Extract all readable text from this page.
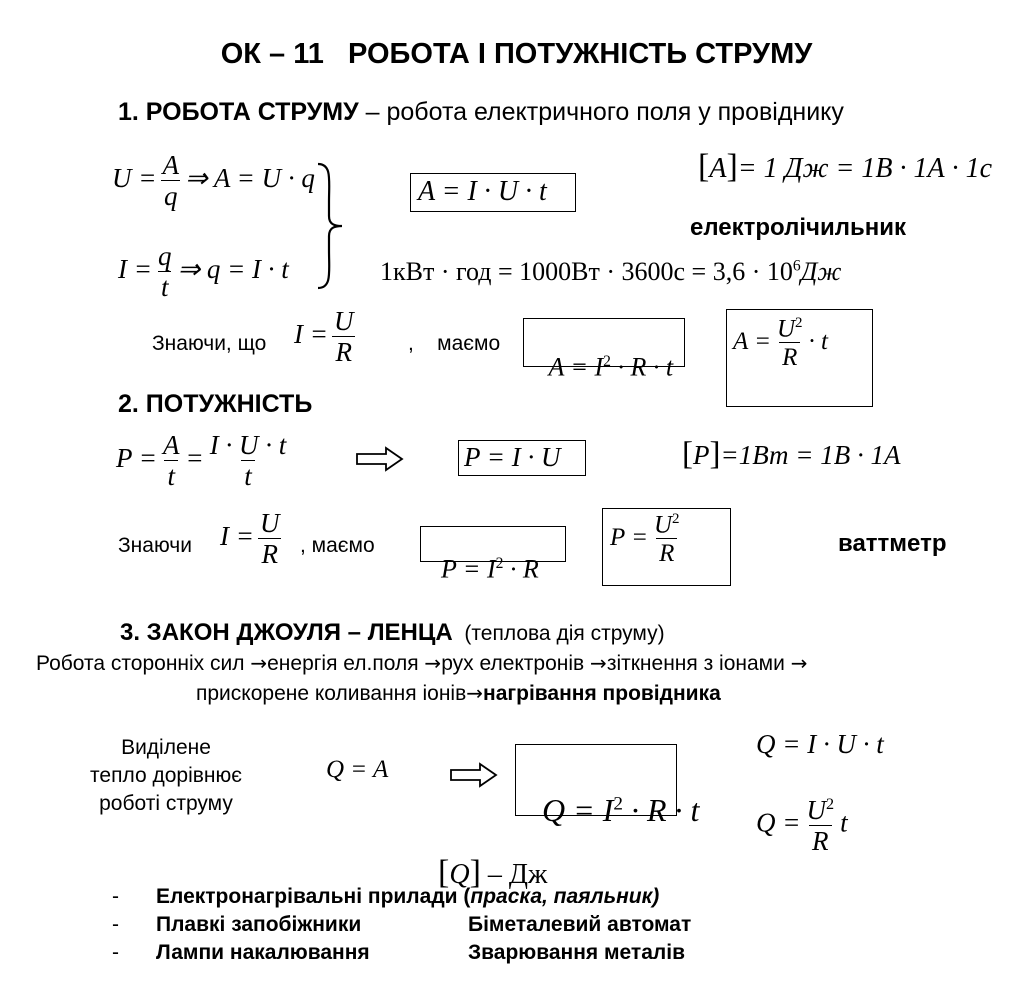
ОК – 11   РОБОТА І ПОТУЖНІСТЬ СТРУМУ
1. РОБОТА СТРУМУ – робота електричного поля у провіднику
$U = \frac{A}{q}$ ⇒ A = U · q
$I = \frac{q}{t}$ ⇒ q = I · t
A = I · U · t
[A]= 1 Дж = 1В · 1А · 1с
електролічильник
1кВт · год = $1000Вт \cdot 3600с = 3,6 \cdot 10^6Дж$
Знаючи, що $I = \frac{U}{R}$ ,    маємо

$A = I^2 \cdot R \cdot t$

$A = \frac{U^2}{R} \cdot t$
2. ПОТУЖНІСТЬ
$P = \frac{A}{t} = \frac{I \cdot U \cdot t}{t}$	P = I · U	[P]=1Вт = 1В · 1А
Знаючи $I = \frac{U}{R}$ , маємо

$P = I^2 \cdot R$

$P = \frac{U^2}{R}$	ваттметр
3. ЗАКОН ДЖОУЛЯ – ЛЕНЦА  (теплова дія струму)
Робота сторонніх сил →енергія ел.поля →рух електронів →зіткнення з іонами →
прискорене коливання іонів→нагрівання провідника
Виділене
тепло дорівнює
роботі струму
Q = A

$Q = I^2 \cdot R \cdot t$

[Q] – Дж

Q = I · U · t
$Q = \frac{U^2}{R}$ t
- Електронагрівальні прилади (праска, паяльник)
- Плавкі запобіжники	Біметалевий автомат
- Лампи накалювання	Зварювання металів
